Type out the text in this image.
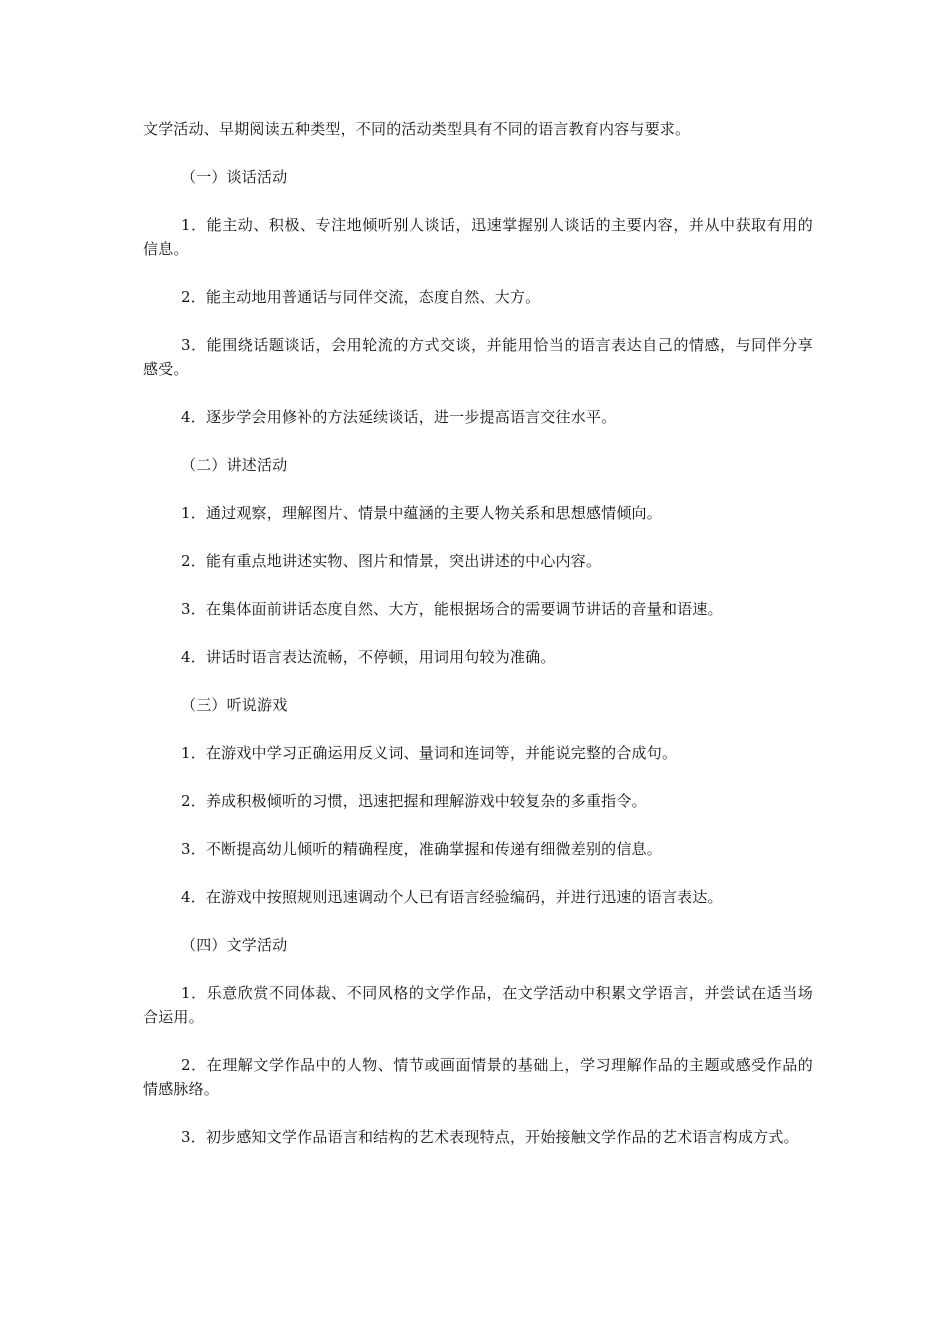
文学活动、早期阅读五种类型，不同的活动类型具有不同的语言教育内容与要求。

（一）谈话活动

1．能主动、积极、专注地倾听别人谈话，迅速掌握别人谈话的主要内容，并从中获取有用的信息。

2．能主动地用普通话与同伴交流，态度自然、大方。

3．能围绕话题谈话，会用轮流的方式交谈，并能用恰当的语言表达自己的情感，与同伴分享感受。

4．逐步学会用修补的方法延续谈话，进一步提高语言交往水平。

（二）讲述活动

1．通过观察，理解图片、情景中蕴涵的主要人物关系和思想感情倾向。

2．能有重点地讲述实物、图片和情景，突出讲述的中心内容。

3．在集体面前讲话态度自然、大方，能根据场合的需要调节讲话的音量和语速。

4．讲话时语言表达流畅，不停顿，用词用句较为准确。

（三）听说游戏

1．在游戏中学习正确运用反义词、量词和连词等，并能说完整的合成句。

2．养成积极倾听的习惯，迅速把握和理解游戏中较复杂的多重指令。

3．不断提高幼儿倾听的精确程度，准确掌握和传递有细微差别的信息。

4．在游戏中按照规则迅速调动个人已有语言经验编码，并进行迅速的语言表达。

（四）文学活动

1．乐意欣赏不同体裁、不同风格的文学作品，在文学活动中积累文学语言，并尝试在适当场合运用。

2．在理解文学作品中的人物、情节或画面情景的基础上，学习理解作品的主题或感受作品的情感脉络。

3．初步感知文学作品语言和结构的艺术表现特点，开始接触文学作品的艺术语言构成方式。
